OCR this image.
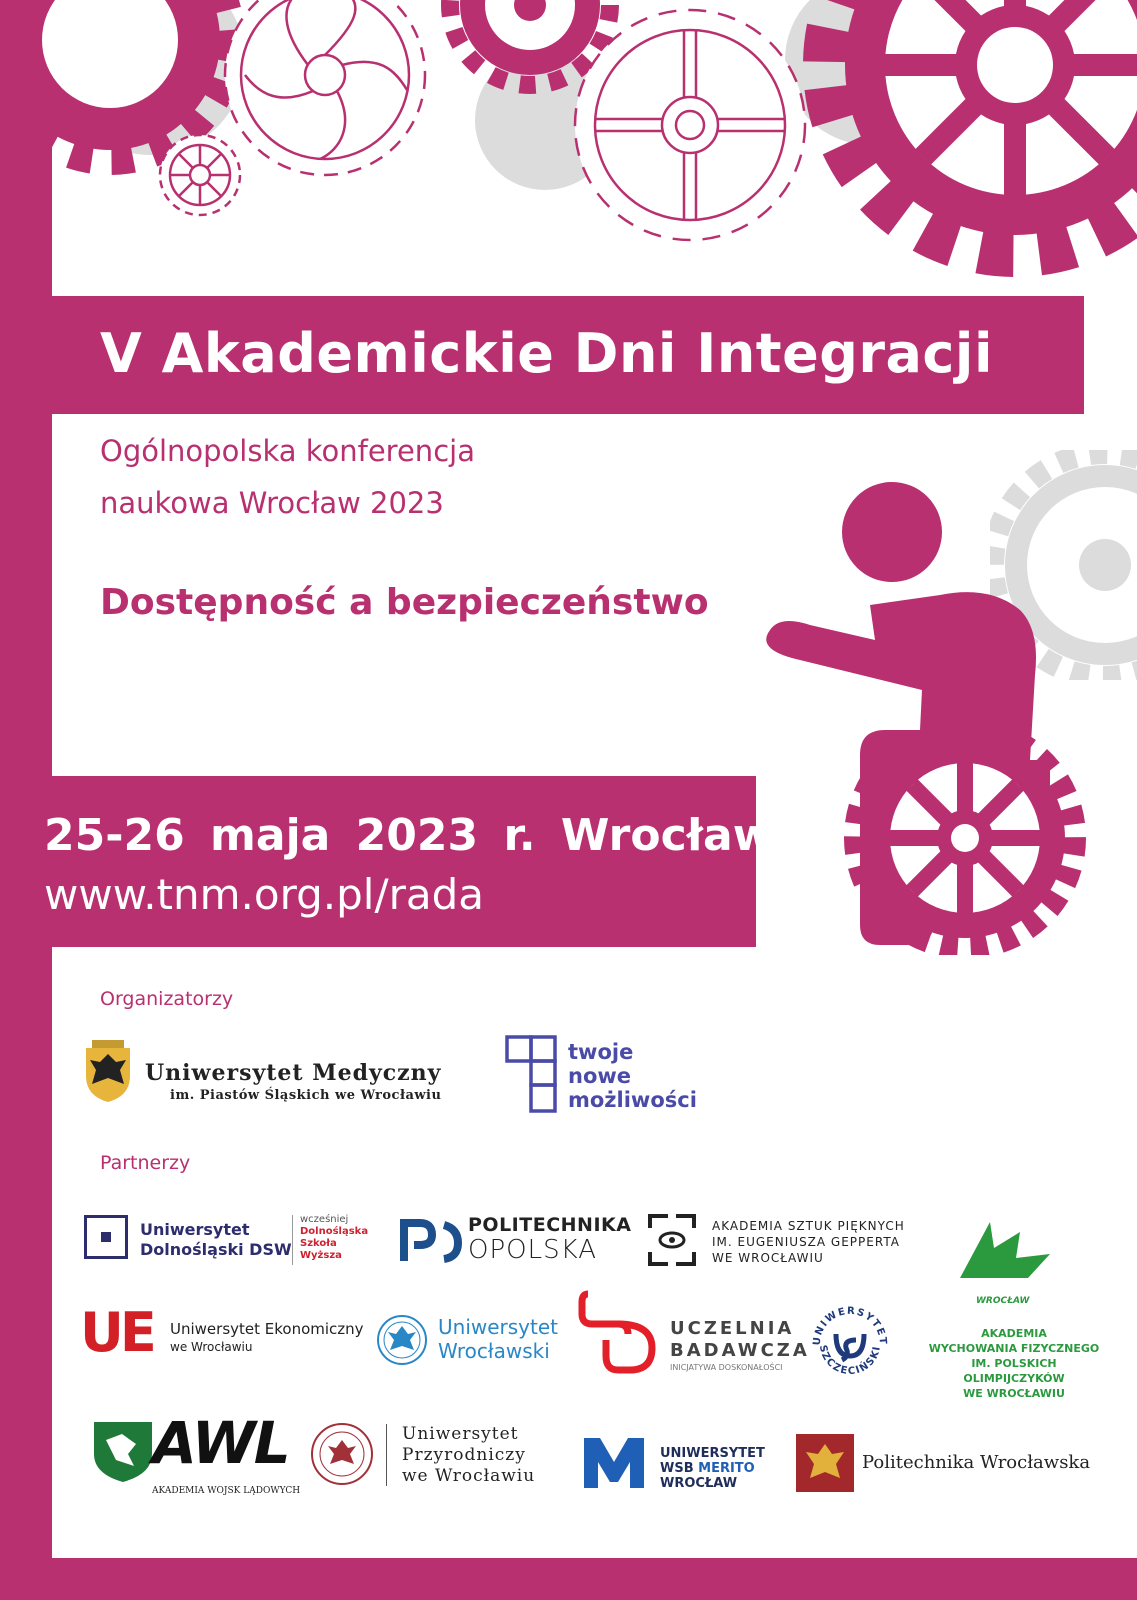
V Akademickie Dni Integracji
Ogólnopolska konferencja
naukowa Wrocław 2023
Dostępność a bezpieczeństwo
25-26 maja 2023 r. Wrocław
www.tnm.org.pl/rada
Organizatorzy
Uniwersytet Medyczny
im. Piastów Śląskich we Wrocławiu
twoje
nowe
możliwości
Partnerzy
Uniwersytet
Dolnośląski DSW
wcześniej
Dolnośląska
Szkoła
Wyższa
POLITECHNIKA
OPOLSKA
AKADEMIA SZTUK PIĘKNYCH
IM. EUGENIUSZA GEPPERTA
WE WROCŁAWIU
WROCŁAW
AKADEMIA
WYCHOWANIA FIZYCZNEGO
IM. POLSKICH OLIMPIJCZYKÓW
WE WROCŁAWIU
UE Uniwersytet Ekonomiczny
we Wrocławiu
Uniwersytet
Wrocławski
UCZELNIA
BADAWCZA
INICJATYWA DOSKONAŁOŚCI
UNIWERSYTET
SZCZECIŃSKI
AWL
AKADEMIA WOJSK LĄDOWYCH
Uniwersytet
Przyrodniczy
we Wrocławiu
UNIWERSYTET
WSB MERITO
WROCŁAW
Politechnika Wrocławska
